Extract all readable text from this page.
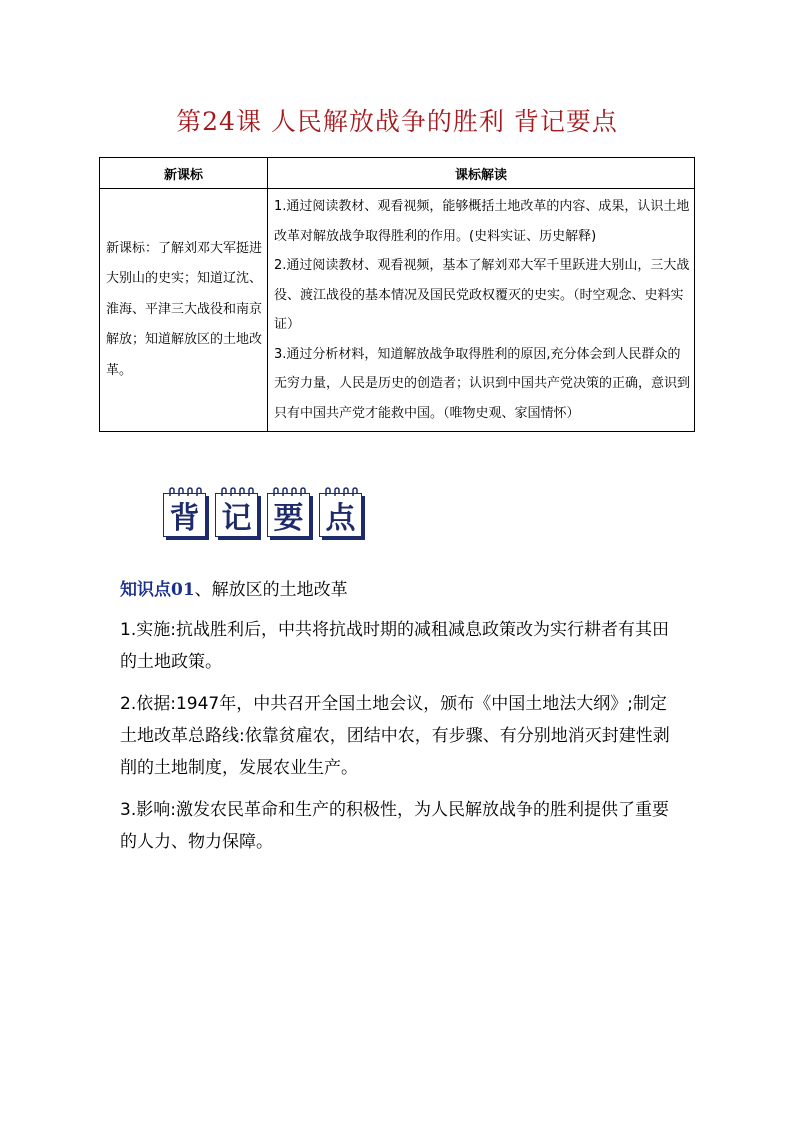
第24课 人民解放战争的胜利 背记要点
新课标	课标解读
新课标：了解刘邓大军挺进大别山的史实；知道辽沈、淮海、平津三大战役和南京解放；知道解放区的土地改革。	1.通过阅读教材、观看视频，能够概括土地改革的内容、成果，认识土地改革对解放战争取得胜利的作用。(史料实证、历史解释)
2.通过阅读教材、观看视频，基本了解刘邓大军千里跃进大别山，三大战役、渡江战役的基本情况及国民党政权覆灭的史实。（时空观念、史料实证）
3.通过分析材料，知道解放战争取得胜利的原因,充分体会到人民群众的无穷力量，人民是历史的创造者；认识到中国共产党决策的正确，意识到只有中国共产党才能救中国。（唯物史观、家国情怀）
背 记 要 点
知识点01、解放区的土地改革

1.实施:抗战胜利后，中共将抗战时期的减租减息政策改为实行耕者有其田的土地政策。

2.依据:1947年，中共召开全国土地会议，颁布《中国土地法大纲》;制定土地改革总路线:依靠贫雇农，团结中农，有步骤、有分别地消灭封建性剥削的土地制度，发展农业生产。

3.影响:激发农民革命和生产的积极性，为人民解放战争的胜利提供了重要的人力、物力保障。
